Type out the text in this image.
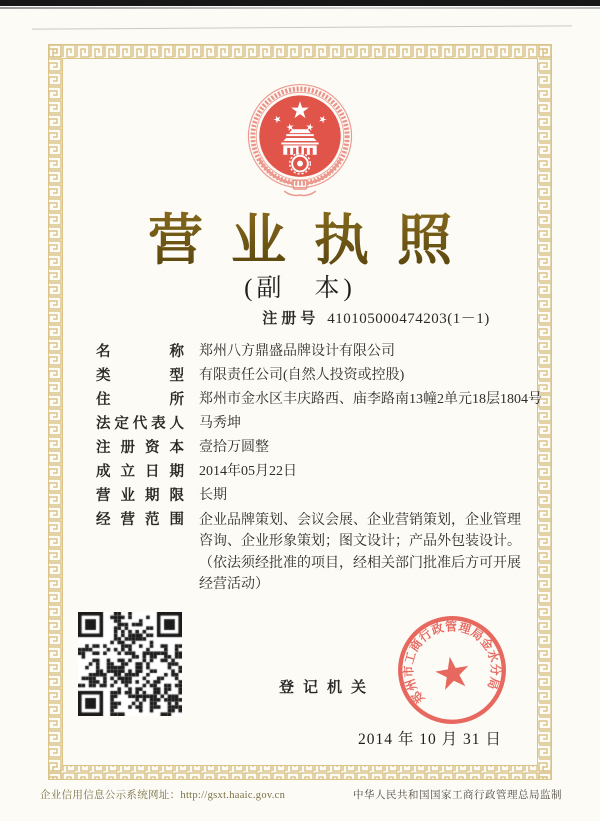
营业执照
(副　本)
注册号 410105000474203(1－1)
名称 郑州八方鼎盛品牌设计有限公司
类型 有限责任公司(自然人投资或控股)
住所 郑州市金水区丰庆路西、庙李路南13幢2单元18层1804号
法定代表人 马秀坤
注册资本 壹拾万圆整
成立日期 2014年05月22日
营业期限 长期
经营范围 企业品牌策划、会议会展、企业营销策划，企业管理咨询、企业形象策划；图文设计；产品外包装设计。
（依法须经批准的项目，经相关部门批准后方可开展经营活动）
登记机关
郑州市工商行政管理局金水分局
2014 年 10 月 31 日
企业信用信息公示系统网址：http://gsxt.haaic.gov.cn	中华人民共和国国家工商行政管理总局监制
